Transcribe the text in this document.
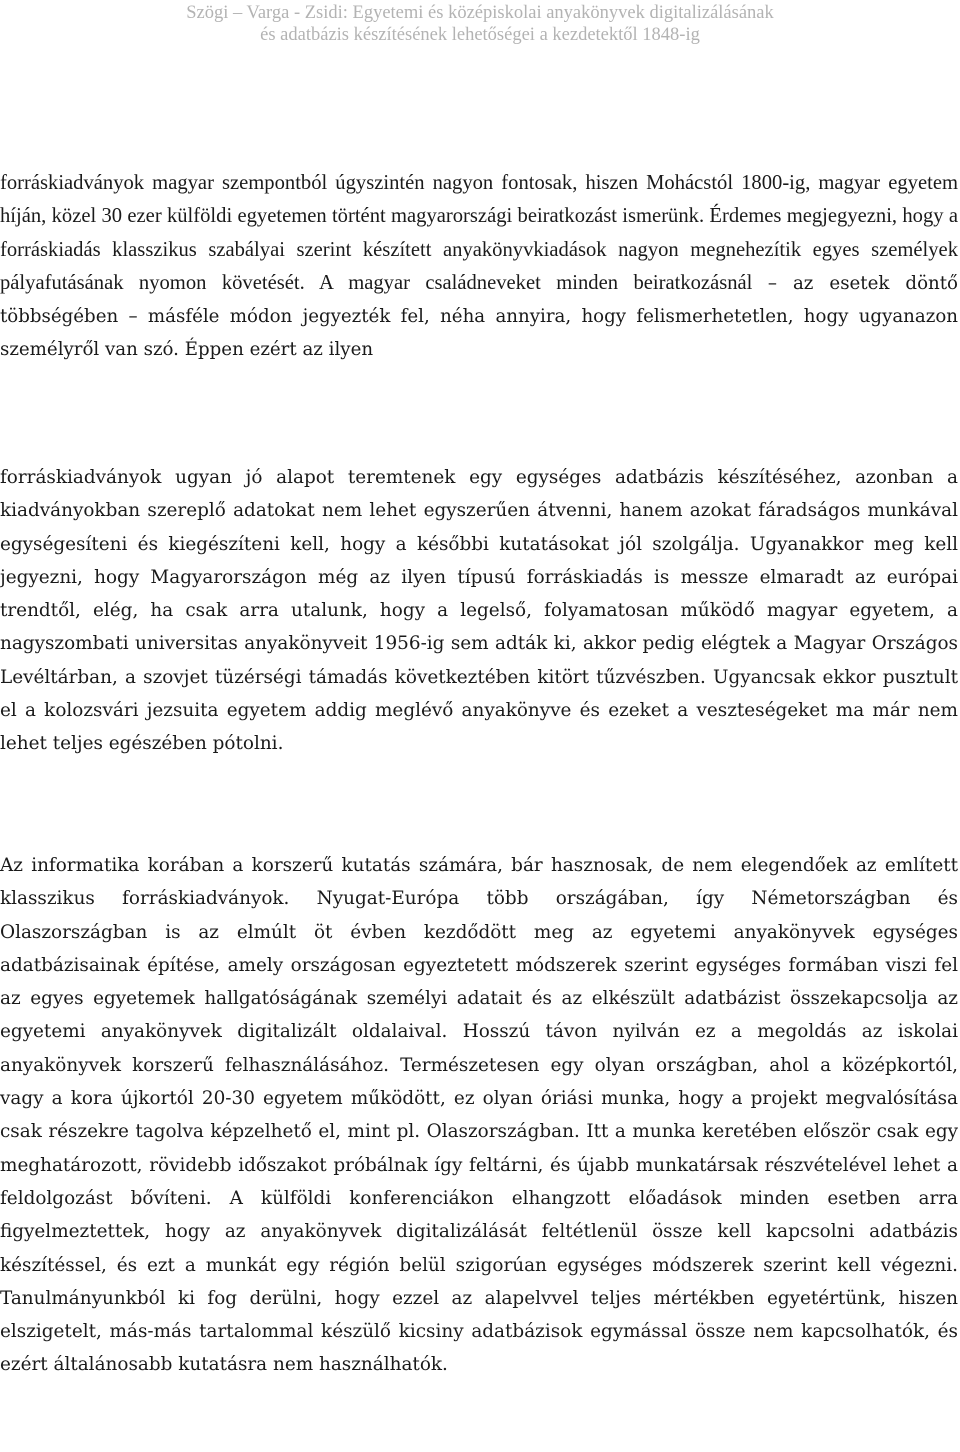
Szögi – Varga - Zsidi: Egyetemi és középiskolai anyakönyvek digitalizálásának
és adatbázis készítésének lehetőségei a kezdetektől 1848-ig

forráskiadványok magyar szempontból úgyszintén nagyon fontosak, hiszen Mohácstól 1800-ig, magyar egyetem híján, közel 30 ezer külföldi egyetemen történt magyarországi beiratkozást ismerünk. Érdemes megjegyezni, hogy a forráskiadás klasszikus szabályai szerint készített anyakönyvkiadások nagyon megnehezítik egyes személyek pályafutásának nyomon követését. A magyar családneveket minden beiratkozásnál – az esetek döntő többségében – másféle módon jegyezték fel, néha annyira, hogy felismerhetetlen, hogy ugyanazon személyről van szó. Éppen ezért az ilyen

forráskiadványok ugyan jó alapot teremtenek egy egységes adatbázis készítéséhez, azonban a kiadványokban szereplő adatokat nem lehet egyszerűen átvenni, hanem azokat fáradságos munkával egységesíteni és kiegészíteni kell, hogy a későbbi kutatásokat jól szolgálja. Ugyanakkor meg kell jegyezni, hogy Magyarországon még az ilyen típusú forráskiadás is messze elmaradt az európai trendtől, elég, ha csak arra utalunk, hogy a legelső, folyamatosan működő magyar egyetem, a nagyszombati universitas anyakönyveit 1956-ig sem adták ki, akkor pedig elégtek a Magyar Országos Levéltárban, a szovjet tüzérségi támadás következtében kitört tűzvészben. Ugyancsak ekkor pusztult el a kolozsvári jezsuita egyetem addig meglévő anyakönyve és ezeket a veszteségeket ma már nem lehet teljes egészében pótolni.

Az informatika korában a korszerű kutatás számára, bár hasznosak, de nem elegendőek az említett klasszikus forráskiadványok. Nyugat-Európa több országában, így Németországban és Olaszországban is az elmúlt öt évben kezdődött meg az egyetemi anyakönyvek egységes adatbázisainak építése, amely országosan egyeztetett módszerek szerint egységes formában viszi fel az egyes egyetemek hallgatóságának személyi adatait és az elkészült adatbázist összekapcsolja az egyetemi anyakönyvek digitalizált oldalaival. Hosszú távon nyilván ez a megoldás az iskolai anyakönyvek korszerű felhasználásához. Természetesen egy olyan országban, ahol a középkortól, vagy a kora újkortól 20-30 egyetem működött, ez olyan óriási munka, hogy a projekt megvalósítása csak részekre tagolva képzelhető el, mint pl. Olaszországban. Itt a munka keretében először csak egy meghatározott, rövidebb időszakot próbálnak így feltárni, és újabb munkatársak részvételével lehet a feldolgozást bővíteni. A külföldi konferenciákon elhangzott előadások minden esetben arra figyelmeztettek, hogy az anyakönyvek digitalizálását feltétlenül össze kell kapcsolni adatbázis készítéssel, és ezt a munkát egy régión belül szigorúan egységes módszerek szerint kell végezni. Tanulmányunkból ki fog derülni, hogy ezzel az alapelvvel teljes mértékben egyetértünk, hiszen elszigetelt, más-más tartalommal készülő kicsiny adatbázisok egymással össze nem kapcsolhatók, és ezért általánosabb kutatásra nem használhatók.
